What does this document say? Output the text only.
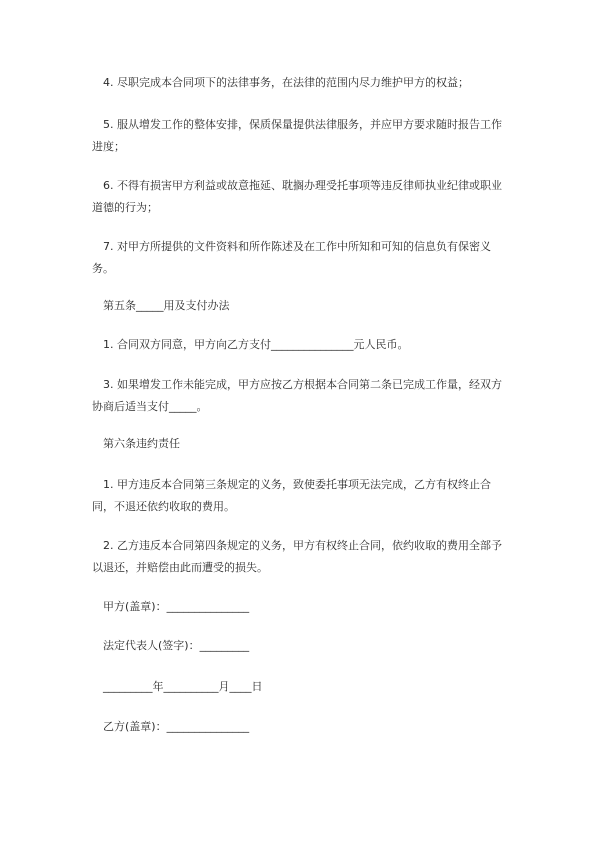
4. 尽职完成本合同项下的法律事务，在法律的范围内尽力维护甲方的权益；

5. 服从增发工作的整体安排，保质保量提供法律服务，并应甲方要求随时报告工作进度；

6. 不得有损害甲方利益或故意拖延、耽搁办理受托事项等违反律师执业纪律或职业道德的行为；

7. 对甲方所提供的文件资料和所作陈述及在工作中所知和可知的信息负有保密义务。

第五条_____用及支付办法

1. 合同双方同意，甲方向乙方支付_______________元人民币。

3. 如果增发工作未能完成，甲方应按乙方根据本合同第二条已完成工作量，经双方协商后适当支付_____。

第六条违约责任

1. 甲方违反本合同第三条规定的义务，致使委托事项无法完成，乙方有权终止合同，不退还依约收取的费用。

2. 乙方违反本合同第四条规定的义务，甲方有权终止合同，依约收取的费用全部予以退还，并赔偿由此而遭受的损失。

甲方(盖章)：_______________

法定代表人(签字)：_________

_________年__________月____日

乙方(盖章)：_______________
